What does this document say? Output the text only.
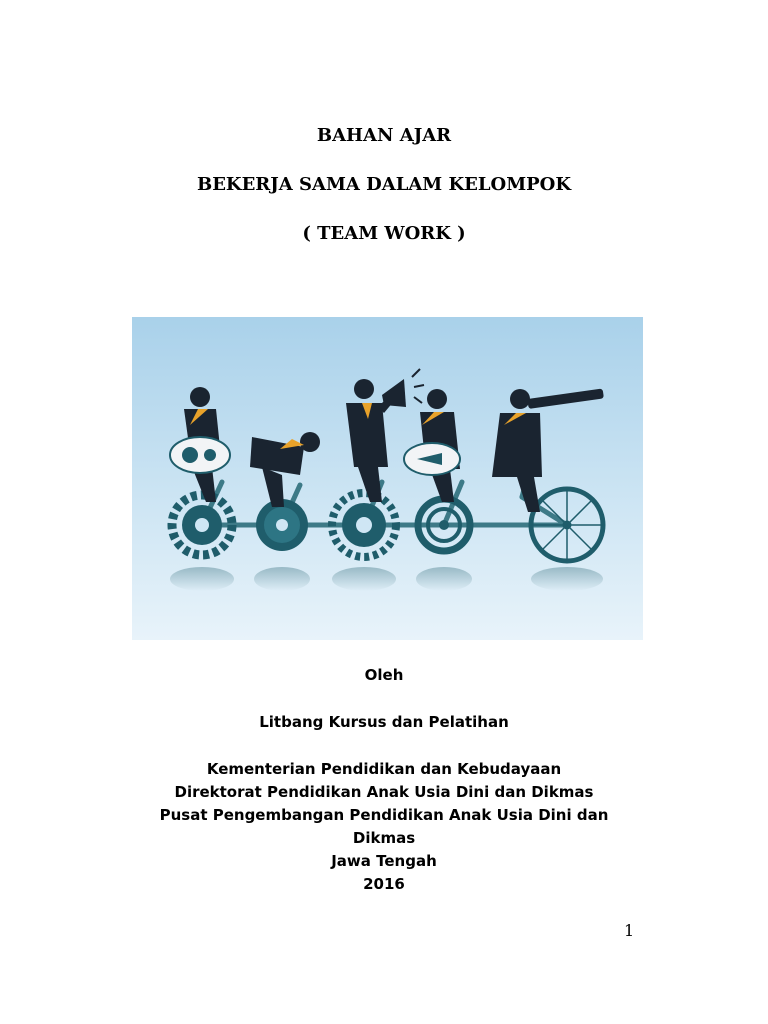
BAHAN AJAR
BEKERJA SAMA DALAM KELOMPOK
( TEAM WORK )
Oleh
Litbang Kursus dan Pelatihan
Kementerian Pendidikan dan Kebudayaan
Direktorat Pendidikan Anak Usia Dini dan Dikmas
Pusat Pengembangan Pendidikan Anak Usia Dini dan
Dikmas
Jawa Tengah
2016
1
